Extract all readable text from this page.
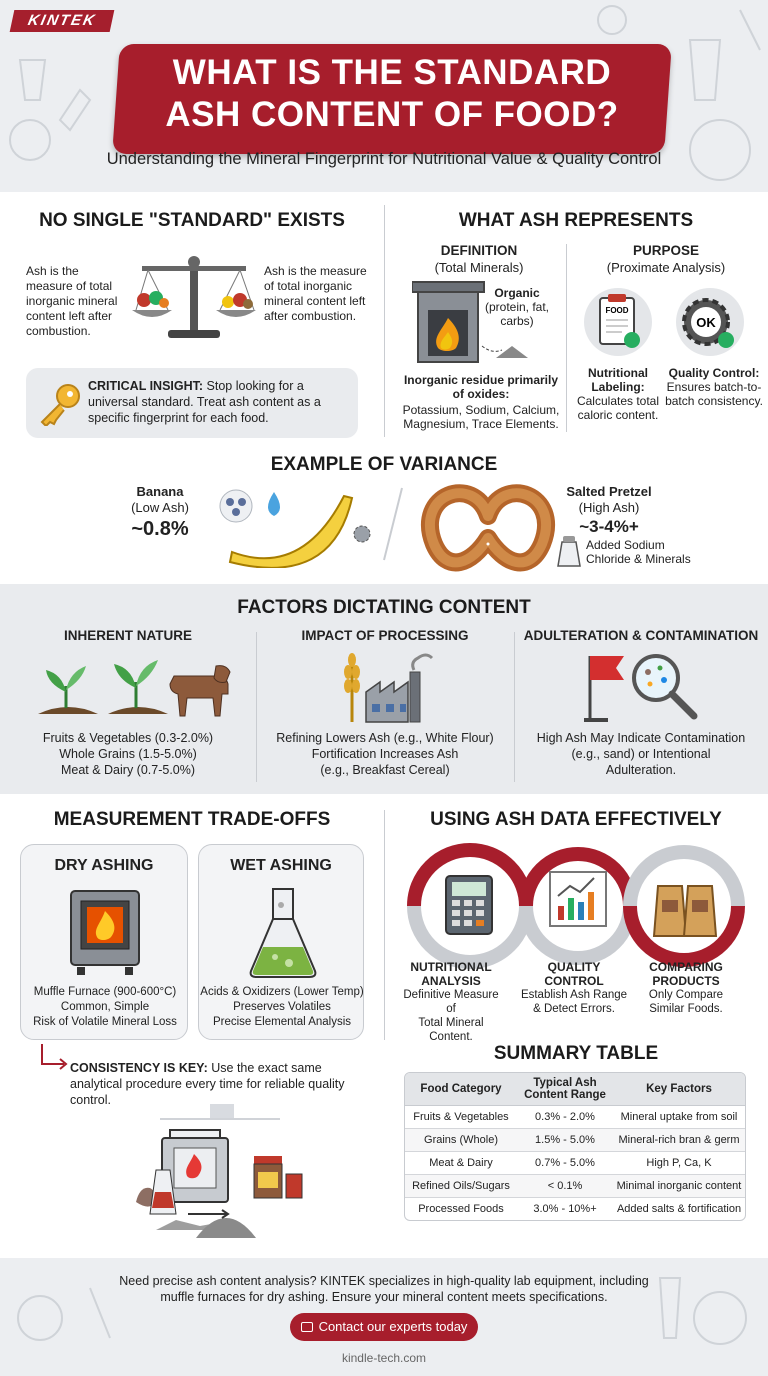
KINTEK
WHAT IS THE STANDARD
ASH CONTENT OF FOOD?
Understanding the Mineral Fingerprint for Nutritional Value & Quality Control
NO SINGLE "STANDARD" EXISTS
Ash is the measure of total inorganic mineral content left after combustion.
Ash is the measure of total inorganic mineral content left after combustion.
CRITICAL INSIGHT: Stop looking for a universal standard. Treat ash content as a specific fingerprint for each food.
WHAT ASH REPRESENTS
DEFINITION
(Total Minerals)
Organic
(protein, fat, carbs)
Inorganic residue primarily of oxides:
Potassium, Sodium, Calcium, Magnesium, Trace Elements.
PURPOSE
(Proximate Analysis)
FOOD
OK
Nutritional Labeling:
Calculates total caloric content.
Quality Control: Ensures batch-to-batch consistency.
EXAMPLE OF VARIANCE
Banana
(Low Ash)
~0.8%
Salted Pretzel
(High Ash)
~3-4%+
Added Sodium Chloride & Minerals
FACTORS DICTATING CONTENT
INHERENT NATURE
Fruits & Vegetables (0.3-2.0%)
Whole Grains (1.5-5.0%)
Meat & Dairy (0.7-5.0%)
IMPACT OF PROCESSING
Refining Lowers Ash (e.g., White Flour)
Fortification Increases Ash
(e.g., Breakfast Cereal)
ADULTERATION & CONTAMINATION
High Ash May Indicate Contamination
(e.g., sand) or Intentional
Adulteration.
MEASUREMENT TRADE-OFFS
DRY ASHING
Muffle Furnace (900-600°C)
Common, Simple
Risk of Volatile Mineral Loss
WET ASHING
Acids & Oxidizers (Lower Temp)
Preserves Volatiles
Precise Elemental Analysis
CONSISTENCY IS KEY: Use the exact same analytical procedure every time for reliable quality control.
USING ASH DATA EFFECTIVELY
NUTRITIONAL
ANALYSIS
Definitive Measure of
Total Mineral Content.
QUALITY
CONTROL
Establish Ash Range
& Detect Errors.
COMPARING
PRODUCTS
Only Compare
Similar Foods.
SUMMARY TABLE
Food Category	Typical Ash Content Range	Key Factors
Fruits & Vegetables	0.3% - 2.0%	Mineral uptake from soil
Grains (Whole)	1.5% - 5.0%	Mineral-rich bran & germ
Meat & Dairy	0.7% - 5.0%	High P, Ca, K
Refined Oils/Sugars	< 0.1%	Minimal inorganic content
Processed Foods	3.0% - 10%+	Added salts & fortification
Need precise ash content analysis? KINTEK specializes in high-quality lab equipment, including
muffle furnaces for dry ashing. Ensure your mineral content meets specifications.
Contact our experts today
kindle-tech.com
